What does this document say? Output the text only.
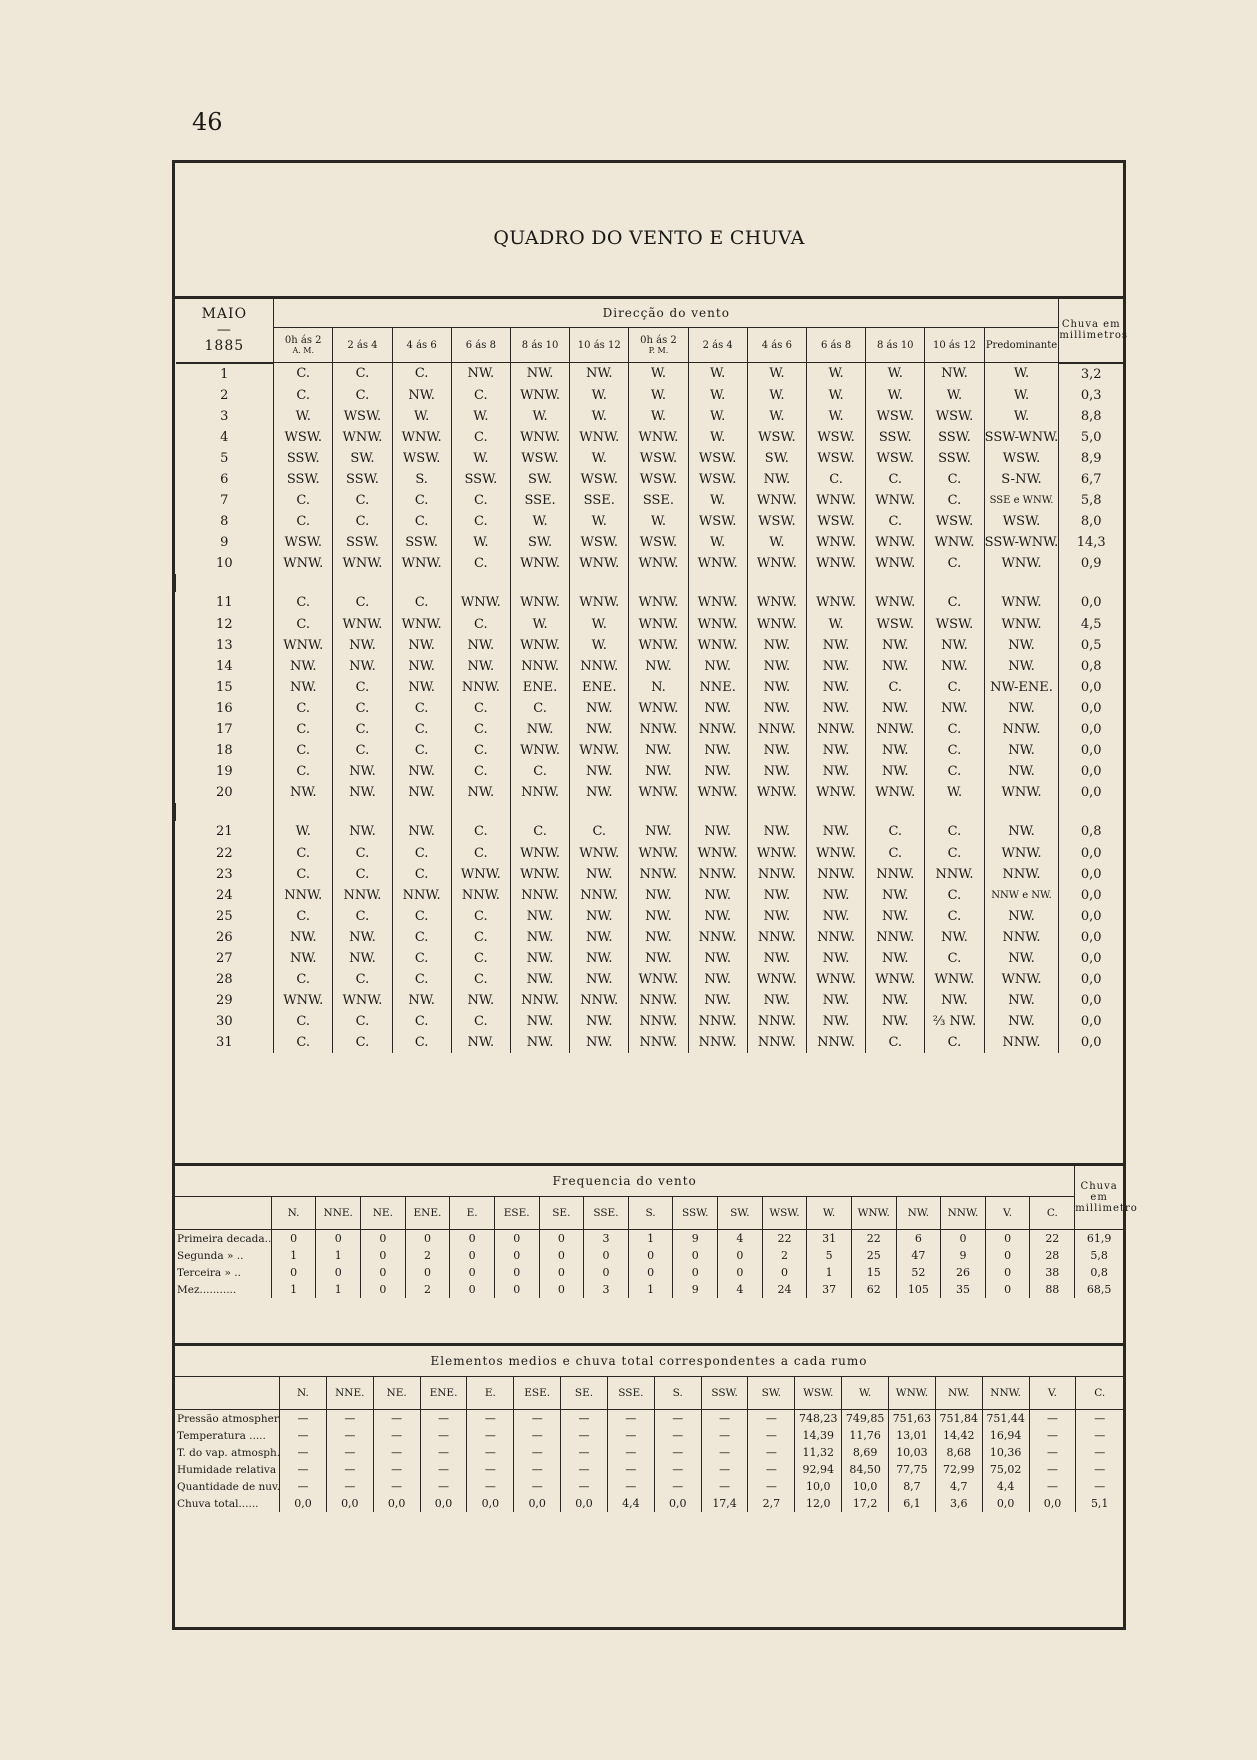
46
QUADRO DO VENTO E CHUVA
MAIO
—
1885	Direcção do vento													Chuva em millimetros
	0h ás 2
A. M.	2 ás 4	4 ás 6	6 ás 8	8 ás 10	10 ás 12	0h ás 2
P. M.	2 ás 4	4 ás 6	6 ás 8	8 ás 10	10 ás 12	Predominante	
1	C.	C.	C.	NW.	NW.	NW.	W.	W.	W.	W.	W.	NW.	W.	3,2
2	C.	C.	NW.	C.	WNW.	W.	W.	W.	W.	W.	W.	W.	W.	0,3
3	W.	WSW.	W.	W.	W.	W.	W.	W.	W.	W.	WSW.	WSW.	W.	8,8
4	WSW.	WNW.	WNW.	C.	WNW.	WNW.	WNW.	W.	WSW.	WSW.	SSW.	SSW.	SSW-WNW.	5,0
5	SSW.	SW.	WSW.	W.	WSW.	W.	WSW.	WSW.	SW.	WSW.	WSW.	SSW.	WSW.	8,9
6	SSW.	SSW.	S.	SSW.	SW.	WSW.	WSW.	WSW.	NW.	C.	C.	C.	S-NW.	6,7
7	C.	C.	C.	C.	SSE.	SSE.	SSE.	W.	WNW.	WNW.	WNW.	C.	SSE e WNW.	5,8
8	C.	C.	C.	C.	W.	W.	W.	WSW.	WSW.	WSW.	C.	WSW.	WSW.	8,0
9	WSW.	SSW.	SSW.	W.	SW.	WSW.	WSW.	W.	W.	WNW.	WNW.	WNW.	SSW-WNW.	14,3
10	WNW.	WNW.	WNW.	C.	WNW.	WNW.	WNW.	WNW.	WNW.	WNW.	WNW.	C.	WNW.	0,9

11	C.	C.	C.	WNW.	WNW.	WNW.	WNW.	WNW.	WNW.	WNW.	WNW.	C.	WNW.	0,0
12	C.	WNW.	WNW.	C.	W.	W.	WNW.	WNW.	WNW.	W.	WSW.	WSW.	WNW.	4,5
13	WNW.	NW.	NW.	NW.	WNW.	W.	WNW.	WNW.	NW.	NW.	NW.	NW.	NW.	0,5
14	NW.	NW.	NW.	NW.	NNW.	NNW.	NW.	NW.	NW.	NW.	NW.	NW.	NW.	0,8
15	NW.	C.	NW.	NNW.	ENE.	ENE.	N.	NNE.	NW.	NW.	C.	C.	NW-ENE.	0,0
16	C.	C.	C.	C.	C.	NW.	WNW.	NW.	NW.	NW.	NW.	NW.	NW.	0,0
17	C.	C.	C.	C.	NW.	NW.	NNW.	NNW.	NNW.	NNW.	NNW.	C.	NNW.	0,0
18	C.	C.	C.	C.	WNW.	WNW.	NW.	NW.	NW.	NW.	NW.	C.	NW.	0,0
19	C.	NW.	NW.	C.	C.	NW.	NW.	NW.	NW.	NW.	NW.	C.	NW.	0,0
20	NW.	NW.	NW.	NW.	NNW.	NW.	WNW.	WNW.	WNW.	WNW.	WNW.	W.	WNW.	0,0

21	W.	NW.	NW.	C.	C.	C.	NW.	NW.	NW.	NW.	C.	C.	NW.	0,8
22	C.	C.	C.	C.	WNW.	WNW.	WNW.	WNW.	WNW.	WNW.	C.	C.	WNW.	0,0
23	C.	C.	C.	WNW.	WNW.	NW.	NNW.	NNW.	NNW.	NNW.	NNW.	NNW.	NNW.	0,0
24	NNW.	NNW.	NNW.	NNW.	NNW.	NNW.	NW.	NW.	NW.	NW.	NW.	C.	NNW e NW.	0,0
25	C.	C.	C.	C.	NW.	NW.	NW.	NW.	NW.	NW.	NW.	C.	NW.	0,0
26	NW.	NW.	C.	C.	NW.	NW.	NW.	NNW.	NNW.	NNW.	NNW.	NW.	NNW.	0,0
27	NW.	NW.	C.	C.	NW.	NW.	NW.	NW.	NW.	NW.	NW.	C.	NW.	0,0
28	C.	C.	C.	C.	NW.	NW.	WNW.	NW.	WNW.	WNW.	WNW.	WNW.	WNW.	0,0
29	WNW.	WNW.	NW.	NW.	NNW.	NNW.	NNW.	NW.	NW.	NW.	NW.	NW.	NW.	0,0
30	C.	C.	C.	C.	NW.	NW.	NNW.	NNW.	NNW.	NW.	NW.	⅔ NW.	NW.	0,0
31	C.	C.	C.	NW.	NW.	NW.	NNW.	NNW.	NNW.	NNW.	C.	C.	NNW.	0,0
Frequencia do vento																			Chuva em millimetro
	N.	NNE.	NE.	ENE.	E.	ESE.	SE.	SSE.	S.	SSW.	SW.	WSW.	W.	WNW.	NW.	NNW.	V.	C.	
Primeira decada..	0	0	0	0	0	0	0	3	1	9	4	22	31	22	6	0	0	22	61,9
Segunda » ..	1	1	0	2	0	0	0	0	0	0	0	2	5	25	47	9	0	28	5,8
Terceira » ..	0	0	0	0	0	0	0	0	0	0	0	0	1	15	52	26	0	38	0,8
Mez...........	1	1	0	2	0	0	0	3	1	9	4	24	37	62	105	35	0	88	68,5
Elementos medios e chuva total correspondentes a cada rumo																		
	N.	NNE.	NE.	ENE.	E.	ESE.	SE.	SSE.	S.	SSW.	SW.	WSW.	W.	WNW.	NW.	NNW.	V.	C.
Pressão atmospher.	—	—	—	—	—	—	—	—	—	—	—	748,23	749,85	751,63	751,84	751,44	—	—
Temperatura .....	—	—	—	—	—	—	—	—	—	—	—	14,39	11,76	13,01	14,42	16,94	—	—
T. do vap. atmosph.	—	—	—	—	—	—	—	—	—	—	—	11,32	8,69	10,03	8,68	10,36	—	—
Humidade relativa	—	—	—	—	—	—	—	—	—	—	—	92,94	84,50	77,75	72,99	75,02	—	—
Quantidade de nuv.	—	—	—	—	—	—	—	—	—	—	—	10,0	10,0	8,7	4,7	4,4	—	—
Chuva total......	0,0	0,0	0,0	0,0	0,0	0,0	0,0	4,4	0,0	17,4	2,7	12,0	17,2	6,1	3,6	0,0	0,0	5,1
